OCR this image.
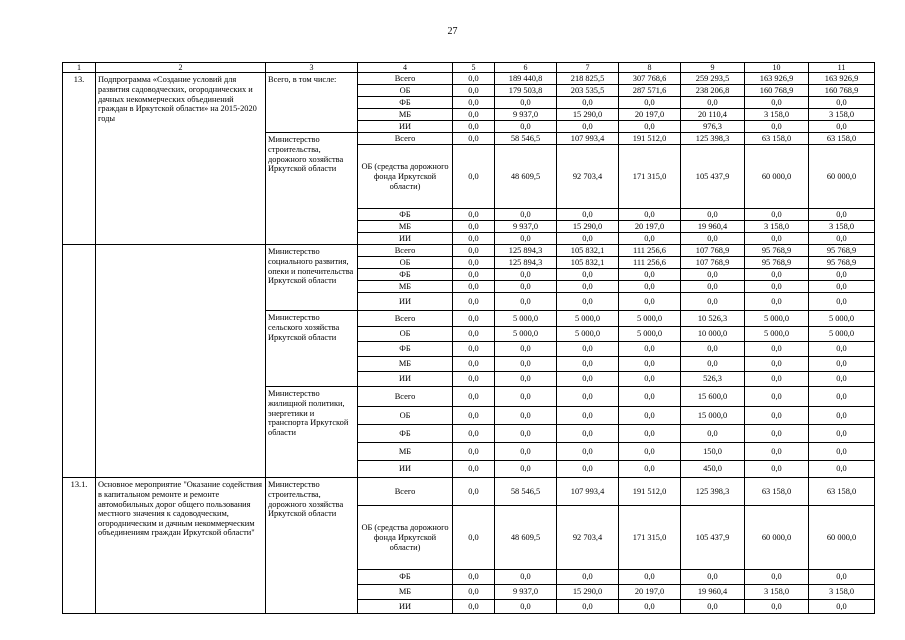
27
1	2	3	4	5	6	7	8	9	10	11
13.	Подпрограмма «Создание условий для развития садоводческих, огороднических и дачных некоммерческих объединений граждан в Иркутской области» на 2015-2020 годы	Всего, в том числе:	Всего	0,0	189 440,8	218 825,5	307 768,6	259 293,5	163 926,9	163 926,9
			ОБ	0,0	179 503,8	203 535,5	287 571,6	238 206,8	160 768,9	160 768,9
			ФБ	0,0	0,0	0,0	0,0	0,0	0,0	0,0
			МБ	0,0	9 937,0	15 290,0	20 197,0	20 110,4	3 158,0	3 158,0
			ИИ	0,0	0,0	0,0	0,0	976,3	0,0	0,0
		Министерство строительства, дорожного хозяйства Иркутской области	Всего	0,0	58 546,5	107 993,4	191 512,0	125 398,3	63 158,0	63 158,0
			ОБ (средства дорожного фонда Иркутской области)	0,0	48 609,5	92 703,4	171 315,0	105 437,9	60 000,0	60 000,0
			ФБ	0,0	0,0	0,0	0,0	0,0	0,0	0,0
			МБ	0,0	9 937,0	15 290,0	20 197,0	19 960,4	3 158,0	3 158,0
			ИИ	0,0	0,0	0,0	0,0	0,0	0,0	0,0
		Министерство социального развития, опеки и попечительства Иркутской области	Всего	0,0	125 894,3	105 832,1	111 256,6	107 768,9	95 768,9	95 768,9
			ОБ	0,0	125 894,3	105 832,1	111 256,6	107 768,9	95 768,9	95 768,9
			ФБ	0,0	0,0	0,0	0,0	0,0	0,0	0,0
			МБ	0,0	0,0	0,0	0,0	0,0	0,0	0,0
			ИИ	0,0	0,0	0,0	0,0	0,0	0,0	0,0
		Министерство сельского хозяйства Иркутской области	Всего	0,0	5 000,0	5 000,0	5 000,0	10 526,3	5 000,0	5 000,0
			ОБ	0,0	5 000,0	5 000,0	5 000,0	10 000,0	5 000,0	5 000,0
			ФБ	0,0	0,0	0,0	0,0	0,0	0,0	0,0
			МБ	0,0	0,0	0,0	0,0	0,0	0,0	0,0
			ИИ	0,0	0,0	0,0	0,0	526,3	0,0	0,0
		Министерство жилищной политики, энергетики и транспорта Иркутской области	Всего	0,0	0,0	0,0	0,0	15 600,0	0,0	0,0
			ОБ	0,0	0,0	0,0	0,0	15 000,0	0,0	0,0
			ФБ	0,0	0,0	0,0	0,0	0,0	0,0	0,0
			МБ	0,0	0,0	0,0	0,0	150,0	0,0	0,0
			ИИ	0,0	0,0	0,0	0,0	450,0	0,0	0,0
13.1.	Основное мероприятие "Оказание содействия в капитальном ремонте и ремонте автомобильных дорог общего пользования местного значения к садоводческим, огородническим и дачным некоммерческим объединениям граждан Иркутской области"	Министерство строительства, дорожного хозяйства Иркутской области	Всего	0,0	58 546,5	107 993,4	191 512,0	125 398,3	63 158,0	63 158,0
			ОБ (средства дорожного фонда Иркутской области)	0,0	48 609,5	92 703,4	171 315,0	105 437,9	60 000,0	60 000,0
			ФБ	0,0	0,0	0,0	0,0	0,0	0,0	0,0
			МБ	0,0	9 937,0	15 290,0	20 197,0	19 960,4	3 158,0	3 158,0
			ИИ	0,0	0,0	0,0	0,0	0,0	0,0	0,0
